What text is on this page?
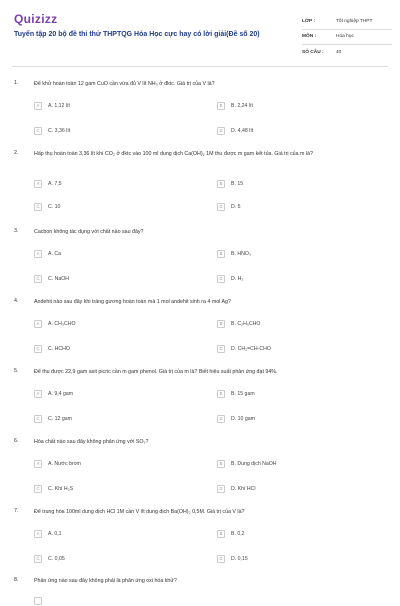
Quizizz
Tuyển tập 20 bộ đề thi thử THPTQG Hóa Học cực hay có lời giải(Đề số 20)
LỚP :	Tốt nghiệp THPT
MÔN :	Hóa học
SỐ CÂU :	40
1.	Để khử hoàn toàn 12 gam CuO cần vừa đủ V lít NH₃ ở đktc. Giá trị của V là?
A	A. 1,12 lít	B	B. 2,24 lít
C	C. 3,36 lít	D	D. 4,48 lít
2.	Hấp thụ hoàn toàn 3,36 lít khí CO₂ ở đktc vào 100 ml dung dịch Ca(OH)₂ 1M thu được m gam kết tủa. Giá trị của m là?
A	A. 7,5	B	B. 15
C	C. 10	D	D. 5
3.	Cacbon không tác dụng với chất nào sau đây?
A	A. Ca	B	B. HNO₃
C	C. NaOH	D	D. H₂
4.	Andehit nào sau đây khi tráng gương hoàn toàn mà 1 mol andehit sinh ra 4 mol Ag?
A	A. CH₃CHO	B	B. C₂H₅CHO
C	C. HCHO	D	D. CH₂=CH-CHO
5.	Để thu được 22,9 gam axit picric cần m gam phenol. Giá trị của m là? Biết hiệu suất phản ứng đạt 94%.
A	A. 9,4 gam	B	B. 15 gam
C	C. 12 gam	D	D. 10 gam
6.	Hóa chất nào sau đây không phản ứng với SO₂?
A	A. Nước brom	B	B. Dung dịch NaOH
C	C. Khí H₂S	D	D. Khí HCl
7.	Để trung hòa 100ml dung dịch HCl 1M cần V lít dung dịch Ba(OH)₂ 0,5M. Giá trị của V là?
A	A. 0,1	B	B. 0,2
C	C. 0,05	D	D. 0,15
8.	Phản ứng nào sau đây không phải là phản ứng oxi hóa khử?
